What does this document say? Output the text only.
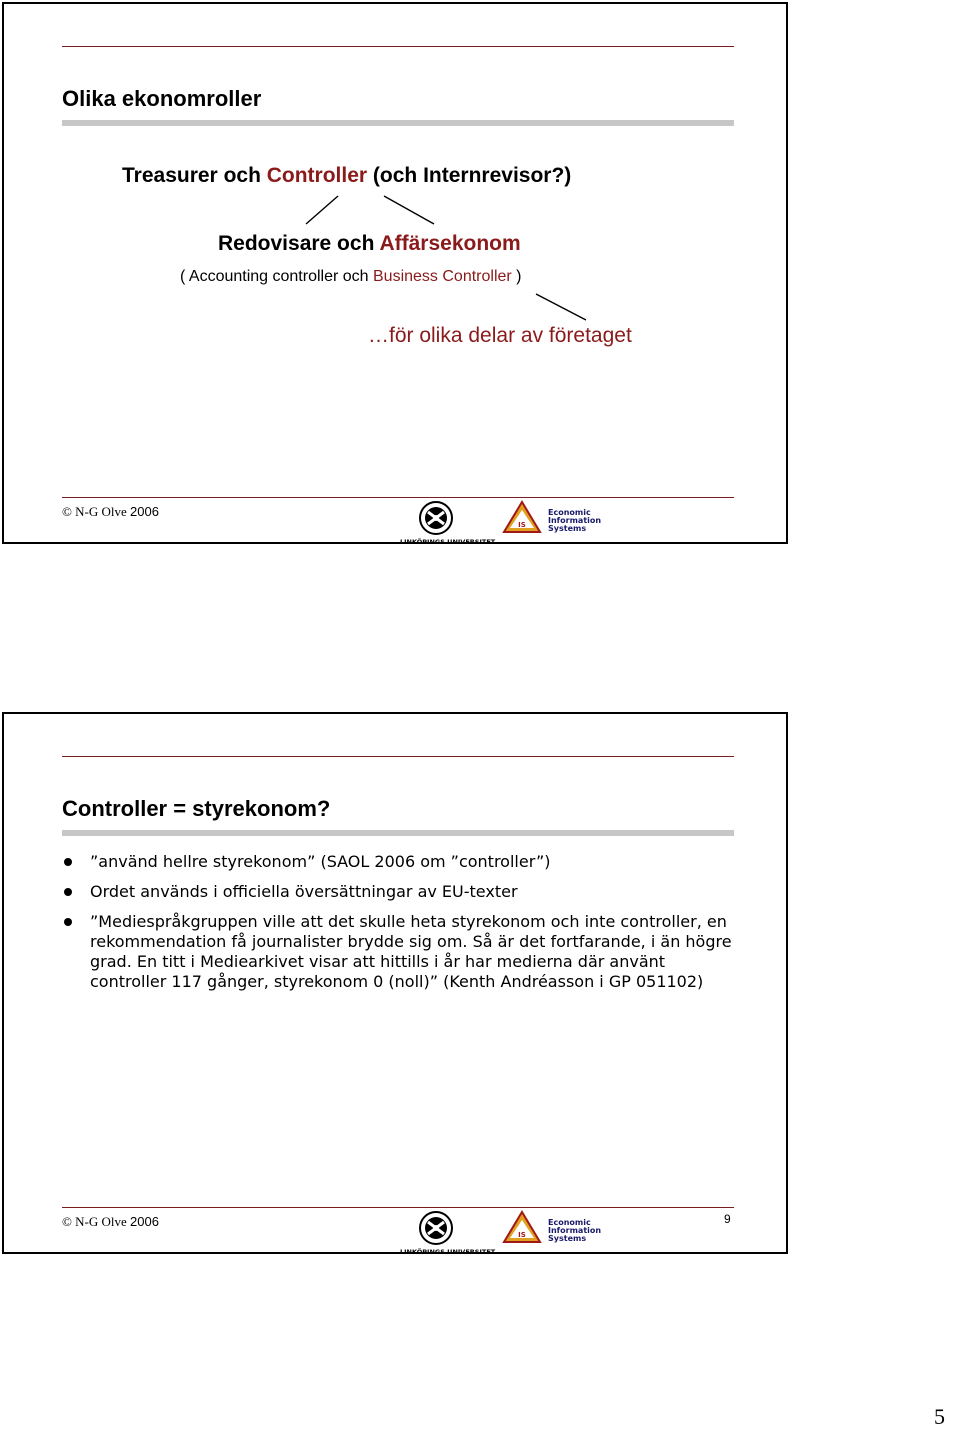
Olika ekonomroller
Treasurer och Controller (och Internrevisor?)
Redovisare och Affärsekonom
( Accounting controller och Business Controller )
…för olika delar av företaget
© N-G Olve 2006
LINKÖPINGS UNIVERSITET
IS
Economic
Information
Systems
Controller = styrekonom?
”använd hellre styrekonom” (SAOL 2006 om ”controller”)
Ordet används i officiella översättningar av EU-texter
”Mediespråkgruppen ville att det skulle heta styrekonom och inte controller, en rekommendation få journalister brydde sig om. Så är det fortfarande, i än högre grad. En titt i Mediearkivet visar att hittills i år har medierna där använt controller 117 gånger, styrekonom 0 (noll)” (Kenth Andréasson i GP 051102)
© N-G Olve 2006	9
LINKÖPINGS UNIVERSITET
IS
Economic
Information
Systems
5
